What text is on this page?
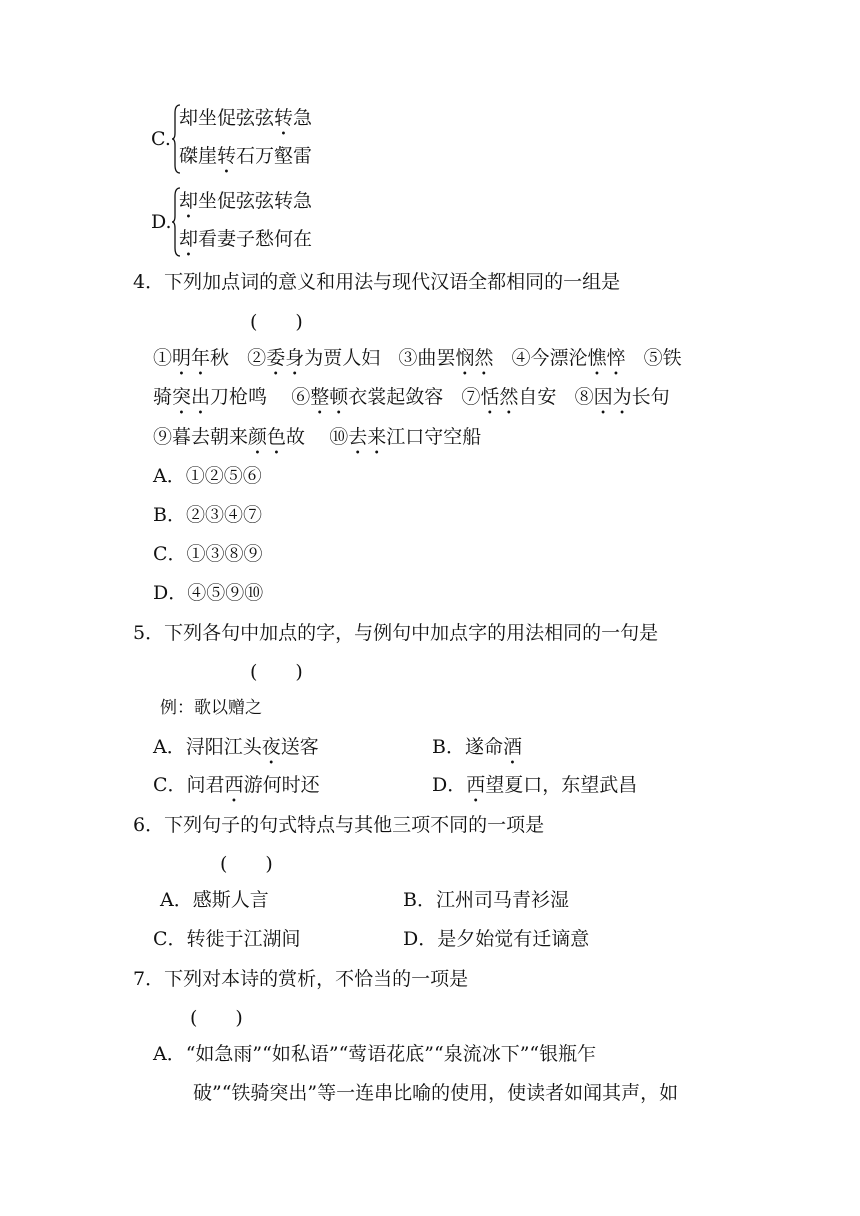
C.
却坐促弦弦转急
磔崖转石万壑雷
D.
却坐促弦弦转急
却看妻子愁何在
4．下列加点词的意义和用法与现代汉语全都相同的一组是
(　　)
①明年秋 ②委身为贾人妇 ③曲罢悯然 ④今漂沦憔悴 ⑤铁
骑突出刀枪鸣 ⑥整顿衣裳起敛容 ⑦恬然自安 ⑧因为长句
⑨暮去朝来颜色故 ⑩去来江口守空船
A．①②⑤⑥
B．②③④⑦
C．①③⑧⑨
D．④⑤⑨⑩
5．下列各句中加点的字，与例句中加点字的用法相同的一句是
(　　)
例：歌以赠之
A．浔阳江头夜送客	B．遂命酒
C．问君西游何时还	D．西望夏口，东望武昌
6．下列句子的句式特点与其他三项不同的一项是
(　　)
A．感斯人言	B．江州司马青衫湿
C．转徙于江湖间	D．是夕始觉有迁谪意
7．下列对本诗的赏析，不恰当的一项是
(　　)
A．“如急雨”“如私语”“莺语花底”“泉流冰下”“银瓶乍
破”“铁骑突出”等一连串比喻的使用，使读者如闻其声，如
